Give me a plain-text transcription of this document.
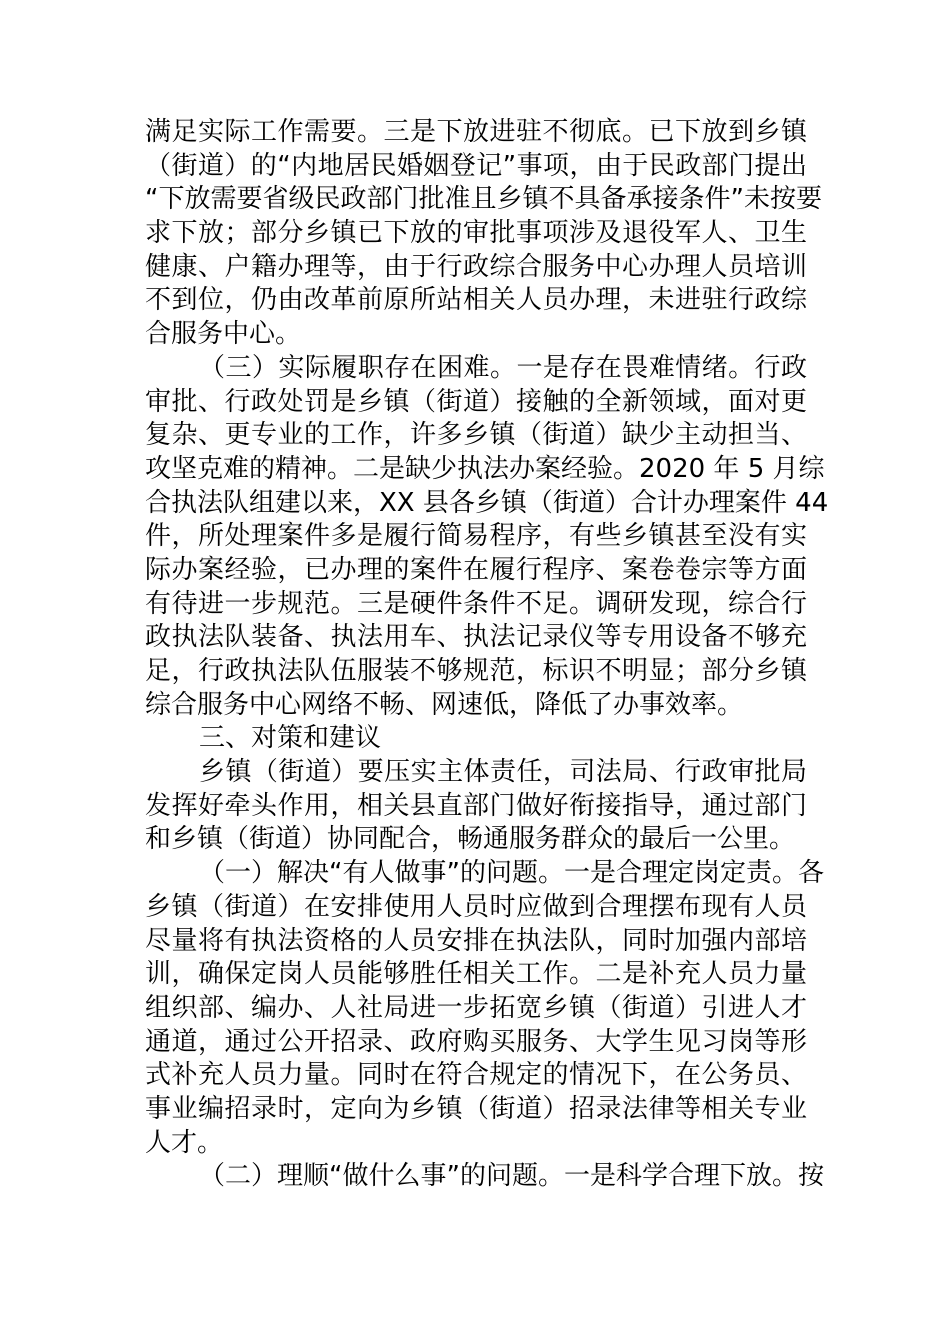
满足实际工作需要。三是下放进驻不彻底。已下放到乡镇
（街道）的“内地居民婚姻登记”事项，由于民政部门提出
“下放需要省级民政部门批准且乡镇不具备承接条件”未按要
求下放；部分乡镇已下放的审批事项涉及退役军人、卫生
健康、户籍办理等，由于行政综合服务中心办理人员培训
不到位，仍由改革前原所站相关人员办理，未进驻行政综
合服务中心。
（三）实际履职存在困难。一是存在畏难情绪。行政
审批、行政处罚是乡镇（街道）接触的全新领域，面对更
复杂、更专业的工作，许多乡镇（街道）缺少主动担当、
攻坚克难的精神。二是缺少执法办案经验。2020 年 5 月综
合执法队组建以来，XX 县各乡镇（街道）合计办理案件 44
件，所处理案件多是履行简易程序，有些乡镇甚至没有实
际办案经验，已办理的案件在履行程序、案卷卷宗等方面
有待进一步规范。三是硬件条件不足。调研发现，综合行
政执法队装备、执法用车、执法记录仪等专用设备不够充
足，行政执法队伍服装不够规范，标识不明显；部分乡镇
综合服务中心网络不畅、网速低，降低了办事效率。
三、对策和建议
乡镇（街道）要压实主体责任，司法局、行政审批局
发挥好牵头作用，相关县直部门做好衔接指导，通过部门
和乡镇（街道）协同配合，畅通服务群众的最后一公里。
（一）解决“有人做事”的问题。一是合理定岗定责。各
乡镇（街道）在安排使用人员时应做到合理摆布现有人员
尽量将有执法资格的人员安排在执法队，同时加强内部培
训，确保定岗人员能够胜任相关工作。二是补充人员力量
组织部、编办、人社局进一步拓宽乡镇（街道）引进人才
通道，通过公开招录、政府购买服务、大学生见习岗等形
式补充人员力量。同时在符合规定的情况下，在公务员、
事业编招录时，定向为乡镇（街道）招录法律等相关专业
人才。
（二）理顺“做什么事”的问题。一是科学合理下放。按
